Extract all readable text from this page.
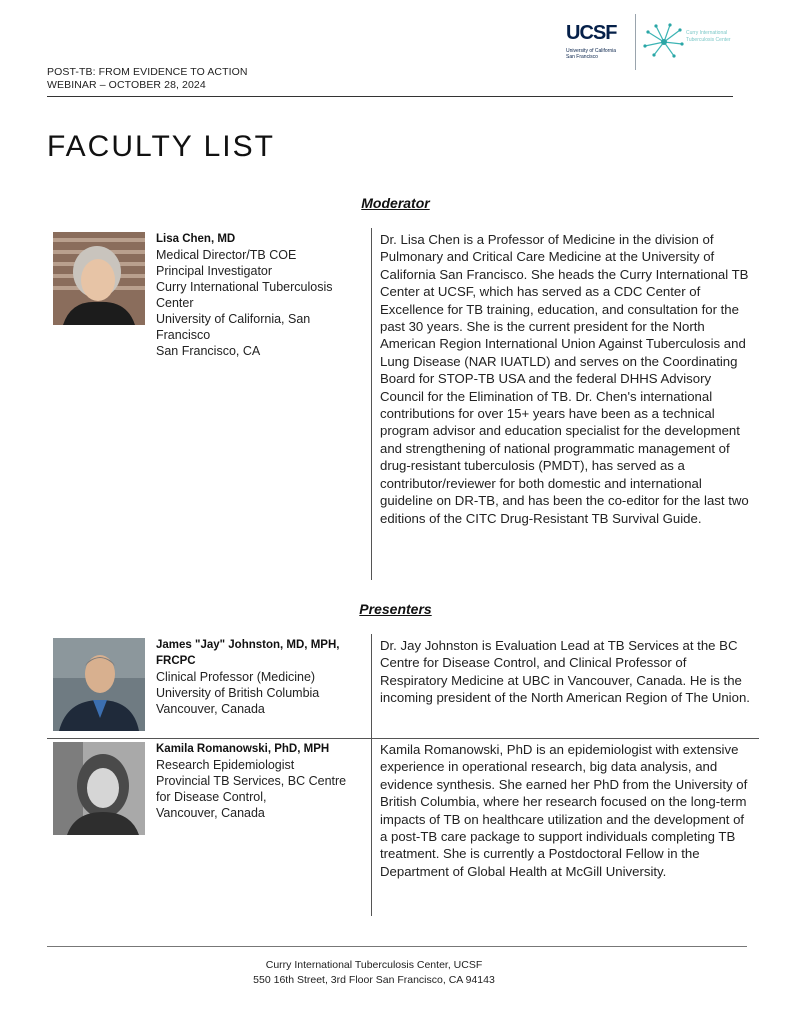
UCSF
University of California San Francisco
Curry International Tuberculosis Center
POST-TB: FROM EVIDENCE TO ACTION
WEBINAR – OCTOBER 28, 2024
FACULTY LIST
Moderator
Lisa Chen, MD
Medical Director/TB COE
Principal Investigator
Curry International Tuberculosis Center
University of California, San Francisco
San Francisco, CA
Dr. Lisa Chen is a Professor of Medicine in the division of Pulmonary and Critical Care Medicine at the University of California San Francisco. She heads the Curry International TB Center at UCSF, which has served as a CDC Center of Excellence for TB training, education, and consultation for the past 30 years. She is the current president for the North American Region International Union Against Tuberculosis and Lung Disease (NAR IUATLD) and serves on the Coordinating Board for STOP-TB USA and the federal DHHS Advisory Council for the Elimination of TB. Dr. Chen's international contributions for over 15+ years have been as a technical program advisor and education specialist for the development and strengthening of national programmatic management of drug-resistant tuberculosis (PMDT), has served as a contributor/reviewer for both domestic and international guideline on DR-TB, and has been the co-editor for the last two editions of the CITC Drug-Resistant TB Survival Guide.
Presenters
James "Jay" Johnston, MD, MPH, FRCPC
Clinical Professor (Medicine)
University of British Columbia
Vancouver, Canada
Dr. Jay Johnston is Evaluation Lead at TB Services at the BC Centre for Disease Control, and Clinical Professor of Respiratory Medicine at UBC in Vancouver, Canada. He is the incoming president of the North American Region of The Union.
Kamila Romanowski, PhD, MPH
Research Epidemiologist
Provincial TB Services, BC Centre for Disease Control,
Vancouver, Canada
Kamila Romanowski, PhD is an epidemiologist with extensive experience in operational research, big data analysis, and evidence synthesis. She earned her PhD from the University of British Columbia, where her research focused on the long-term impacts of TB on healthcare utilization and the development of a post-TB care package to support individuals completing TB treatment. She is currently a Postdoctoral Fellow in the Department of Global Health at McGill University.
Curry International Tuberculosis Center, UCSF
550 16th Street, 3rd Floor San Francisco, CA 94143
